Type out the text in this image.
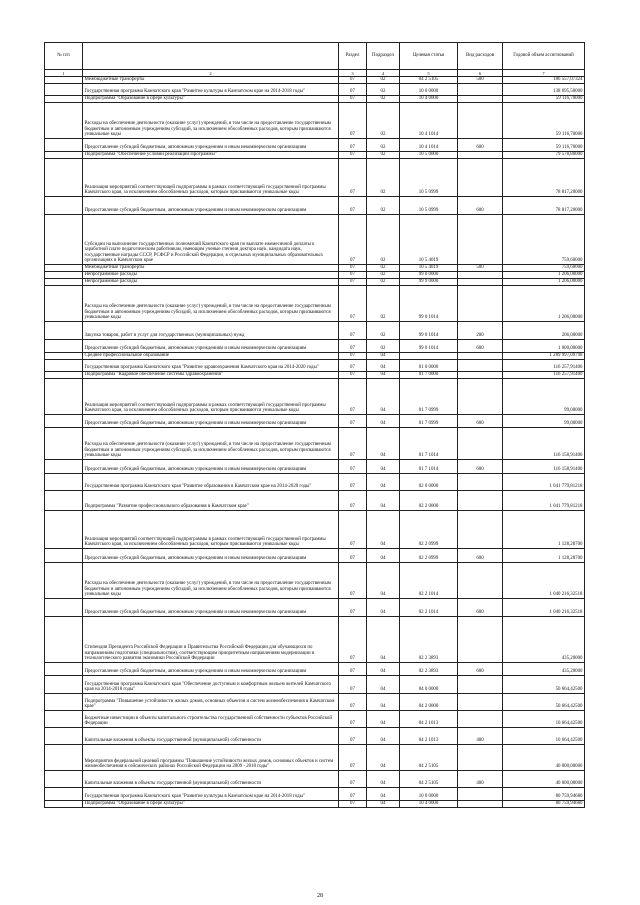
№ п/п		Раздел	Подраздел	Целевая статья	Вид расходов	Годовой объем ассигнований
1	2	3	4	5	6	7
	Межбюджетные трансферты	07	02	04 2 5105	500	186 557,07324
	Государственная программа Камчатского края "Развитие культуры в Камчатском крае на 2014-2018 годы"	07	02	10 0 0000		138 695,50000
	Подпрограмма "Образование в сфере культуры"	07	02	10 4 0000		59 116,70000
	Расходы на обеспечение деятельности (оказание услуг) учреждений, в том числе на предоставление государственным бюджетным и автономным учреждениям субсидий, за исключением обособленных расходов, которым присваиваются уникальные коды	07	02	10 4 1014		59 116,70000
	Предоставление субсидий бюджетным, автономным учреждениям и иным некоммерческим организациям	07	02	10 4 1014	600	59 116,70000
	Подпрограмма "Обеспечение условий реализации Программы"	07	02	10 5 0000		79 578,80000
	Реализация мероприятий соответствующей подпрограммы в рамках соответствующей государственной программы Камчатского края, за исключением обособленных расходов, которым присваиваются уникальные коды	07	02	10 5 0999		78 817,20000
	Предоставление субсидий бюджетным, автономным учреждениям и иным некоммерческим организациям	07	02	10 5 0999	600	78 817,20000
	Субсидии на выполнение государственных полномочий Камчатского края по выплате ежемесячной доплаты к заработной плате педагогическим работникам, имеющим ученые степени доктора наук, кандидата наук, государственные награды СССР, РСФСР и Российской Федерации, в отдельных муниципальных образовательных организациях в Камчатском крае	07	02	10 5 4019		759,60000
	Межбюджетные трансферты	07	02	10 5 4019	500	759,60000
	Непрограммные расходы	07	02	99 0 0000		1 206,00000
	Непрограммные расходы	07	02	99 9 0000		1 206,00000
	Расходы на обеспечение деятельности (оказание услуг) учреждений, в том числе на предоставление государственным бюджетным и автономным учреждениям субсидий, за исключением обособленных расходов, которым присваиваются уникальные коды	07	02	99 0 1014		1 206,00000
	Закупка товаров, работ и услуг для государственных (муниципальных) нужд	07	02	99 0 1014	200	206,00000
	Предоставление субсидий бюджетным, автономным учреждениям и иным некоммерческим организациям	07	02	99 0 1014	600	1 000,00000
	Среднее профессиональное образование	07	04			1 289 997,09798
	Государственная программа Камчатского края "Развитие здравоохранения Камчатского края на 2014-2020 годы"	07	04	01 0 0000		116 257,91400
	Подпрограмма "Кадровое обеспечение системы здравоохранения"	07	04	01 7 0000		116 257,91400
	Реализация мероприятий соответствующей подпрограммы в рамках соответствующей государственной программы Камчатского края, за исключением обособленных расходов, которым присваиваются уникальные коды	07	04	01 7 0999		99,00000
	Предоставление субсидий бюджетным, автономным учреждениям и иным некоммерческим организациям	07	04	01 7 0999	600	99,00000
	Расходы на обеспечение деятельности (оказание услуг) учреждений, в том числе на предоставление государственным бюджетным и автономным учреждениям субсидий, за исключением обособленных расходов, которым присваиваются уникальные коды	07	04	01 7 1014		116 158,91400
	Предоставление субсидий бюджетным, автономным учреждениям и иным некоммерческим организациям	07	04	01 7 1014	600	116 158,91400
	Государственная программа Камчатского края "Развитие образования в Камчатском крае на 2014-2020 годы"	07	04	02 0 0000		1 041 779,81218
	Подпрограмма "Развитие профессионального образования в Камчатском крае"	07	04	02 2 0000		1 041 779,81218
	Реализация мероприятий соответствующей подпрограммы в рамках соответствующей государственной программы Камчатского края, за исключением обособленных расходов, которым присваиваются уникальные коды	07	04	02 2 0999		1 128,28700
	Предоставление субсидий бюджетным, автономным учреждениям и иным некоммерческим организациям	07	04	02 2 0999	600	1 128,28700
	Расходы на обеспечение деятельности (оказание услуг) учреждений, в том числе на предоставление государственным бюджетным и автономным учреждениям субсидий, за исключением обособленных расходов, которым присваиваются уникальные коды	07	04	02 2 1014		1 040 216,32518
	Предоставление субсидий бюджетным, автономным учреждениям и иным некоммерческим организациям	07	04	02 2 1014	600	1 040 216,32518
	Стипендия Президента Российской Федерации и Правительства Российской Федерации для обучающихся по направлениям подготовки (специальностям), соответствующим приоритетным направлениям модернизации и технологического развития экономики Российской Федерации	07	04	02 2 3893		435,20000
	Предоставление субсидий бюджетным, автономным учреждениям и иным некоммерческим организациям	07	04	02 2 3893	600	435,20000
	Государственная программа Камчатского края "Обеспечение доступным и комфортным жильем жителей Камчатского края на 2014-2018 годы"	07	04	04 0 0000		50 664,42500
	Подпрограмма "Повышение устойчивости жилых домов, основных объектов и систем жизнеобеспечения в Камчатском крае"	07	04	04 2 0000		50 664,42500
	Бюджетные инвестиции в объекты капитального строительства государственной собственности субъектов Российской Федерации	07	04	04 2 1013		10 664,42500
	Капитальные вложения в объекты государственной (муниципальной) собственности	07	04	04 2 1013	400	10 664,42500
	Мероприятия федеральной целевой программы "Повышение устойчивости жилых домов, основных объектов и систем жизнеобеспечения в сейсмических районах Российской Федерации на 2009 - 2018 годы"	07	04	04 2 5105		40 000,00000
	Капитальные вложения в объекты государственной (муниципальной) собственности	07	04	04 2 5105	400	40 000,00000
	Государственная программа Камчатского края "Развитие культуры в Камчатском крае на 2014-2018 годы"	07	04	10 0 0000		80 759,94680
	Подпрограмма "Образование в сфере культуры"	07	04	10 4 0000		80 759,94680
28
